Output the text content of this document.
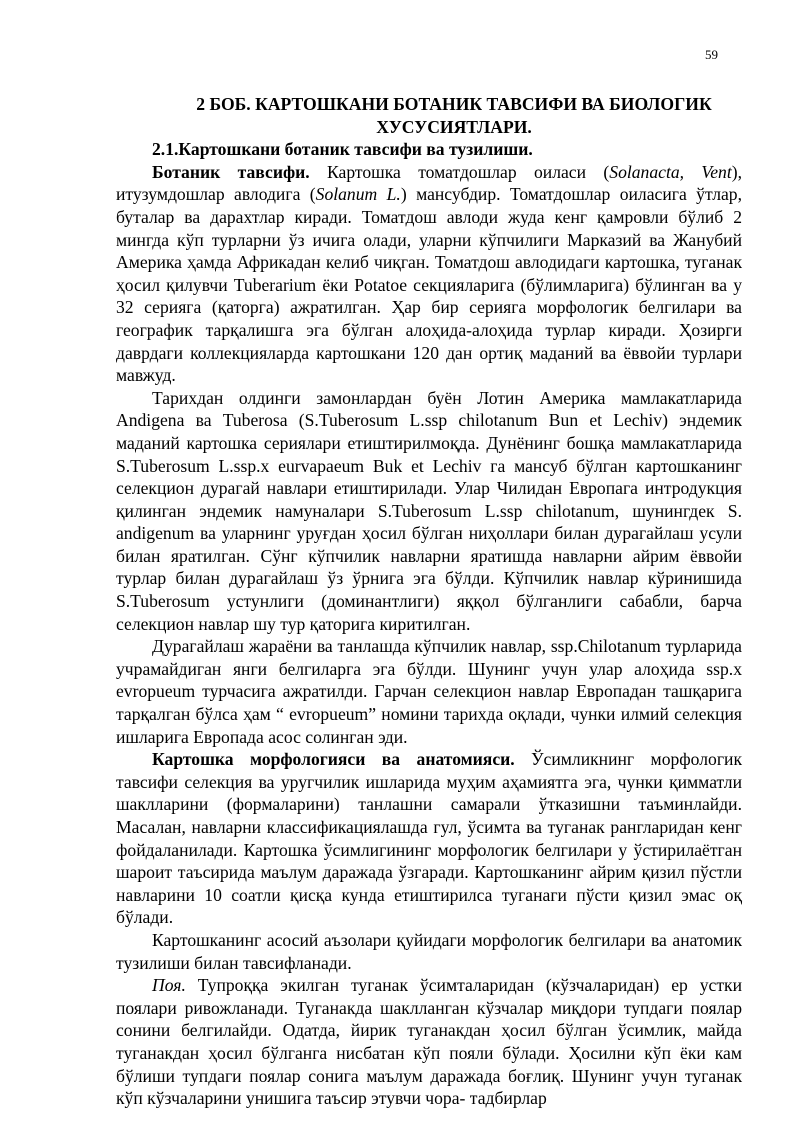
59

2 БОБ. КАРТОШКАНИ БОТАНИК ТАВСИФИ ВА БИОЛОГИК ХУСУСИЯТЛАРИ.

2.1.Картошкани ботаник тавсифи ва тузилиши.

Ботаник тавсифи. Картошка томатдошлар оиласи (Solanacta, Vent), итузумдошлар авлодига (Solanum L.) мансубдир. Томатдошлар оиласига ўтлар, буталар ва дарахтлар киради. Томатдош авлоди жуда кенг қамровли бўлиб 2 мингда кўп турларни ўз ичига олади, уларни кўпчилиги Марказий ва Жанубий Америка ҳамда Африкадан келиб чиқган. Томатдош авлодидаги картошка, туганак ҳосил қилувчи Tuberarium ёки Potatoe секцияларига (бўлимларига) бўлинган ва у 32 серияга (қаторга) ажратилган. Ҳар бир серияга морфологик белгилари ва географик тарқалишга эга бўлган алоҳида-алоҳида турлар киради. Ҳозирги даврдаги коллекцияларда картошкани 120 дан ортиқ маданий ва ёввойи турлари мавжуд.

Тарихдан олдинги замонлардан буён Лотин Америка мамлакатларида Andigena ва Tuberosa (S.Tuberosum L.ssp chilotanum Bun et Lechiv) эндемик маданий картошка сериялари етиштирилмоқда. Дунёнинг бошқа мамлакатларида S.Tuberosum L.ssp.x eurvapaeum Buk et Lechiv га мансуб бўлган картошканинг селекцион дурагай навлари етиштирилади. Улар Чилидан Европага интродукция қилинган эндемик намуналари S.Tuberosum L.ssp chilotanum, шунингдек S. andigenum ва уларнинг уруғдан ҳосил бўлган ниҳоллари билан дурагайлаш усули билан яратилган. Сўнг кўпчилик навларни яратишда навларни айрим ёввойи турлар билан дурагайлаш ўз ўрнига эга бўлди. Кўпчилик навлар кўринишида S.Tuberosum устунлиги (доминантлиги) яққол бўлганлиги сабабли, барча селекцион навлар шу тур қаторига киритилган.

Дурагайлаш жараёни ва танлашда кўпчилик навлар, ssp.Chilotanum турларида учрамайдиган янги белгиларга эга бўлди. Шунинг учун улар алоҳида ssp.x evropueum турчасига ажратилди. Гарчан селекцион навлар Европадан ташқарига тарқалган бўлса ҳам “ evropueum” номини тарихда оқлади, чунки илмий селекция ишларига Европада асос солинган эди.

Картошка морфологияси ва анатомияси. Ўсимликнинг морфологик тавсифи селекция ва уругчилик ишларида муҳим аҳамиятга эга, чунки қимматли шаклларини (формаларини) танлашни самарали ўтказишни таъминлайди. Масалан, навларни классификациялашда гул, ўсимта ва туганак рангларидан кенг фойдаланилади. Картошка ўсимлигининг морфологик белгилари у ўстирилаётган шароит таъсирида маълум даражада ўзгаради. Картошканинг айрим қизил пўстли навларини 10 соатли қисқа кунда етиштирилса туганаги пўсти қизил эмас оқ бўлади.

Картошканинг асосий аъзолари қуйидаги морфологик белгилари ва анатомик тузилиши билан тавсифланади.

Поя. Тупроққа экилган туганак ўсимталаридан (кўзчаларидан) ер устки поялари ривожланади. Туганакда шаклланган кўзчалар миқдори тупдаги поялар сонини белгилайди. Одатда, йирик туганакдан ҳосил бўлган ўсимлик, майда туганакдан ҳосил бўлганга нисбатан кўп пояли бўлади. Ҳосилни кўп ёки кам бўлиши тупдаги поялар сонига маълум даражада боғлиқ. Шунинг учун туганак кўп кўзчаларини унишига таъсир этувчи чора- тадбирлар
